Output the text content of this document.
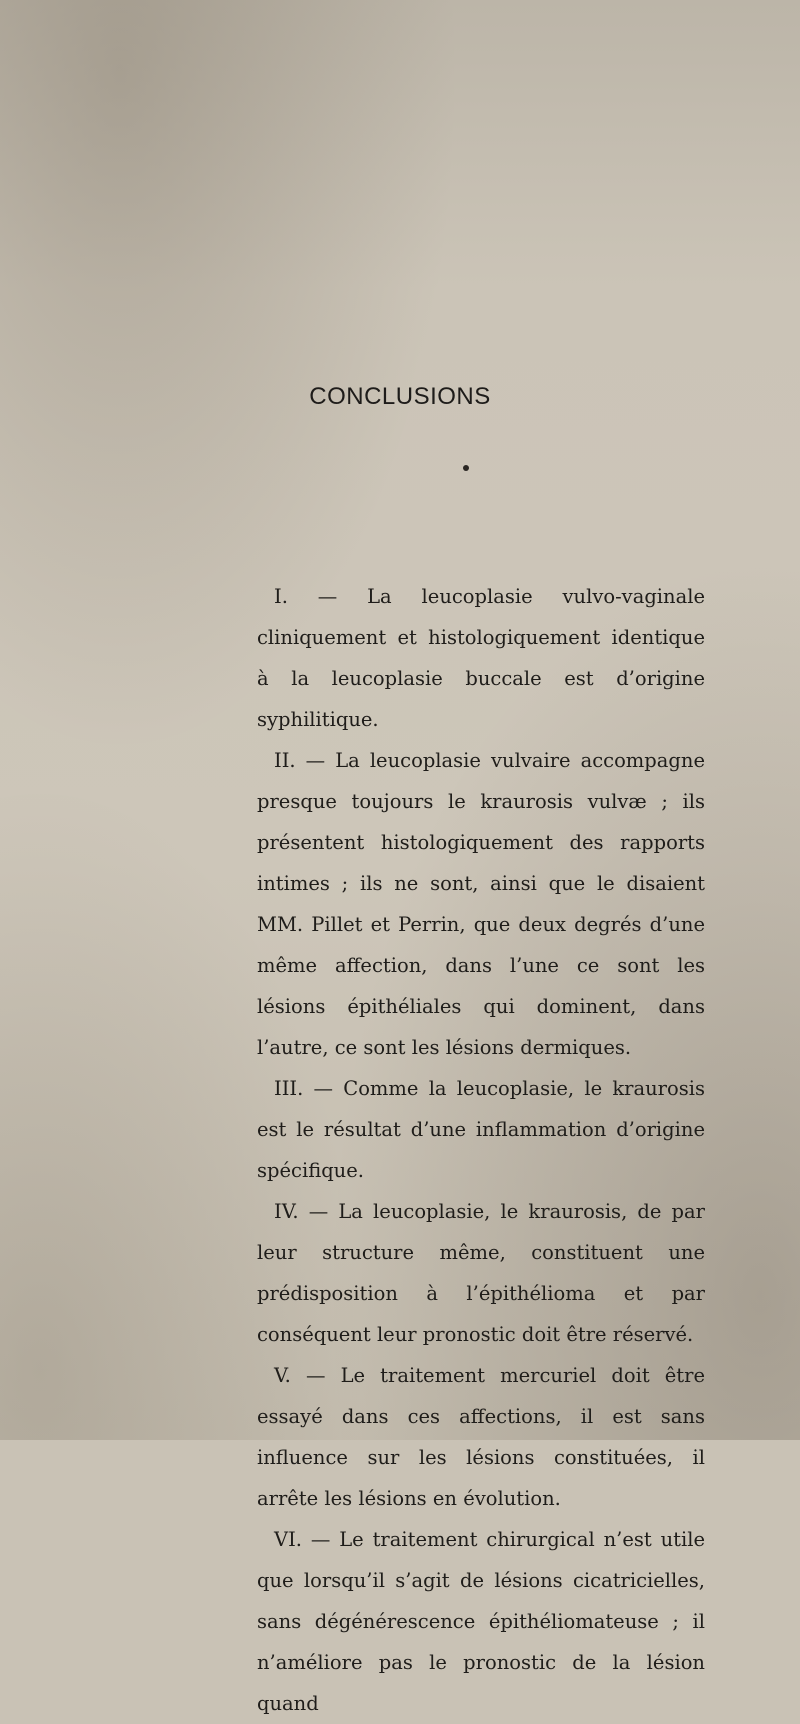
CONCLUSIONS

I. — La leucoplasie vulvo-vaginale cliniquement et histologiquement identique à la leucoplasie buccale est d’origine syphilitique.

II. — La leucoplasie vulvaire accompagne presque toujours le kraurosis vulvæ ; ils présentent histologiquement des rapports intimes ; ils ne sont, ainsi que le disaient MM. Pillet et Perrin, que deux degrés d’une même affection, dans l’une ce sont les lésions épithéliales qui dominent, dans l’autre, ce sont les lésions dermiques.

III. — Comme la leucoplasie, le kraurosis est le résultat d’une inflammation d’origine spécifique.

IV. — La leucoplasie, le kraurosis, de par leur structure même, constituent une prédisposition à l’épithélioma et par conséquent leur pronostic doit être réservé.

V. — Le traitement mercuriel doit être essayé dans ces affections, il est sans influence sur les lésions constituées, il arrête les lésions en évolution.

VI. — Le traitement chirurgical n’est utile que lorsqu’il s’agit de lésions cicatricielles, sans dégénérescence épithéliomateuse ; il n’améliore pas le pronostic de la lésion quand
